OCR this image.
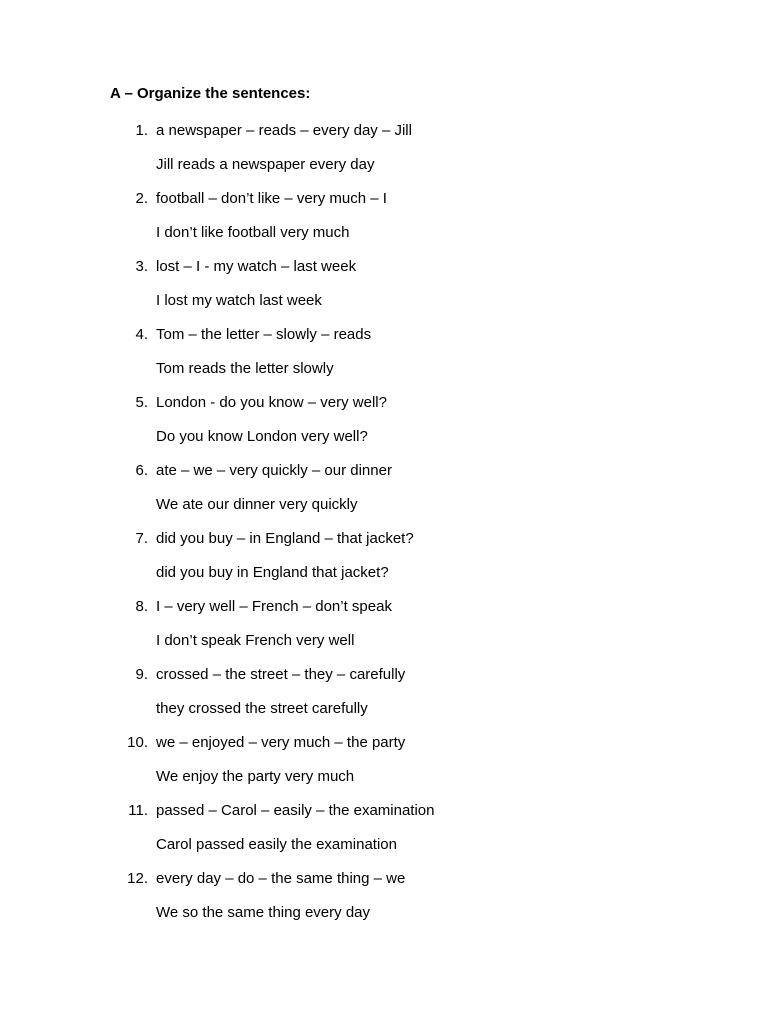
A – Organize the sentences:
1. a newspaper – reads – every day – Jill
Jill reads a newspaper every day
2. football – don’t like – very much – I
I don’t like football very much
3. lost – I - my watch – last week
I lost my watch last week
4. Tom – the letter – slowly – reads
Tom reads the letter slowly
5. London - do you know – very well?
Do you know London very well?
6. ate – we – very quickly – our dinner
We ate our dinner very quickly
7. did you buy – in England – that jacket?
did you buy in England that jacket?
8. I – very well – French – don’t speak
I don’t speak French very well
9. crossed – the street – they – carefully
they crossed the street carefully
10. we – enjoyed – very much – the party
We enjoy the party very much
11. passed – Carol – easily – the examination
Carol passed easily the examination
12. every day – do – the same thing – we
We so the same thing every day
